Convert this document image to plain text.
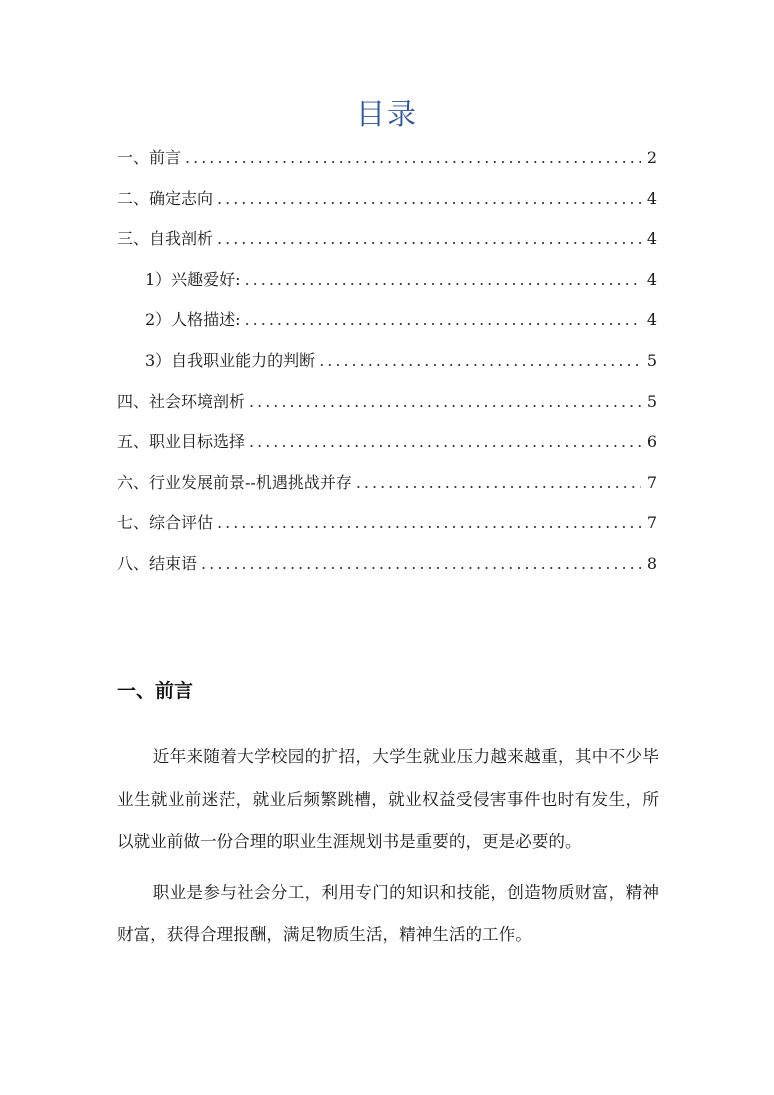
目录
一、前言 .....	2
二、确定志向 .....	4
三、自我剖析 .....	4
1）兴趣爱好: .....	4
2）人格描述: .....	4
3）自我职业能力的判断 .....	5
四、社会环境剖析 .....	5
五、职业目标选择 .....	6
六、行业发展前景--机遇挑战并存 .....	7
七、综合评估 .....	7
八、结束语 .....	8
一、前言

近年来随着大学校园的扩招，大学生就业压力越来越重，其中不少毕业生就业前迷茫，就业后频繁跳槽，就业权益受侵害事件也时有发生，所以就业前做一份合理的职业生涯规划书是重要的，更是必要的。

职业是参与社会分工，利用专门的知识和技能，创造物质财富，精神财富，获得合理报酬，满足物质生活，精神生活的工作。
